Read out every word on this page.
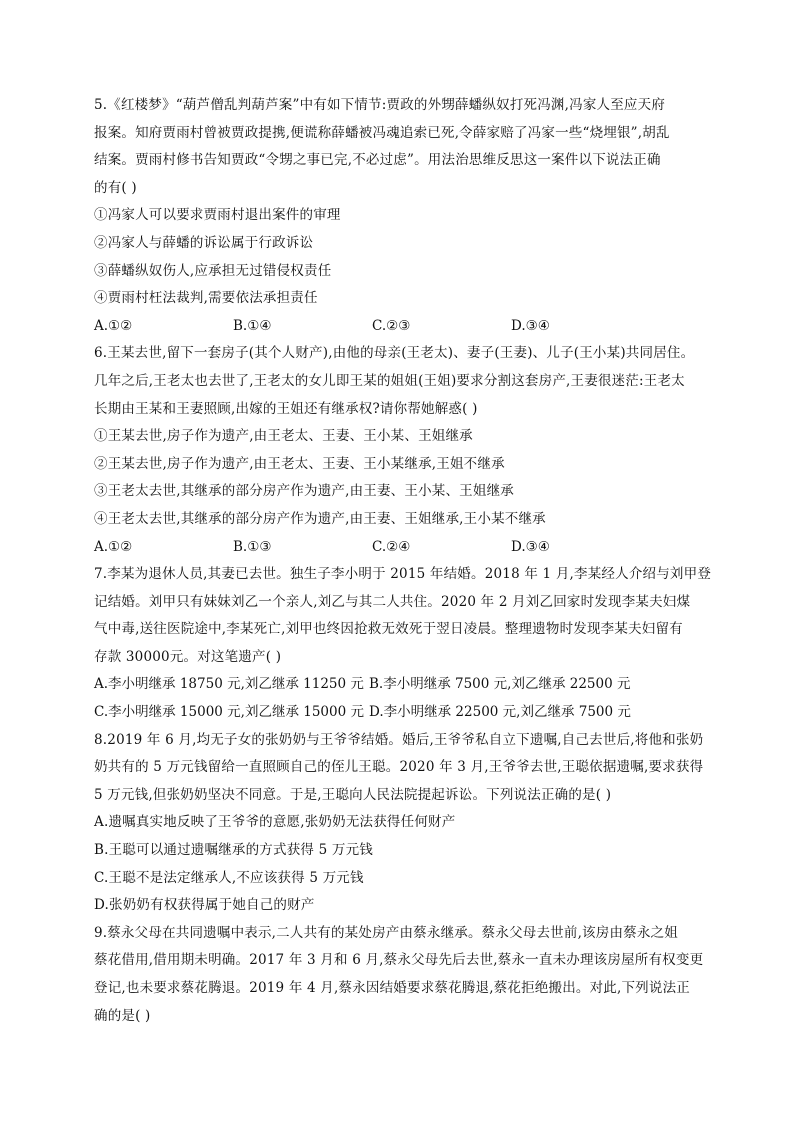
5.《红楼梦》“葫芦僧乱判葫芦案”中有如下情节:贾政的外甥薛蟠纵奴打死冯渊,冯家人至应天府
报案。知府贾雨村曾被贾政提携,便谎称薛蟠被冯魂追索已死,令薛家赔了冯家一些“烧埋银”,胡乱
结案。贾雨村修书告知贾政“令甥之事已完,不必过虑”。用法治思维反思这一案件以下说法正确
的有( )
①冯家人可以要求贾雨村退出案件的审理
②冯家人与薛蟠的诉讼属于行政诉讼
③薛蟠纵奴伤人,应承担无过错侵权责任
④贾雨村枉法裁判,需要依法承担责任
A.①②	B.①④	C.②③	D.③④
6.王某去世,留下一套房子(其个人财产),由他的母亲(王老太)、妻子(王妻)、儿子(王小某)共同居住。
几年之后,王老太也去世了,王老太的女儿即王某的姐姐(王姐)要求分割这套房产,王妻很迷茫:王老太
长期由王某和王妻照顾,出嫁的王姐还有继承权?请你帮她解惑( )
①王某去世,房子作为遗产,由王老太、王妻、王小某、王姐继承
②王某去世,房子作为遗产,由王老太、王妻、王小某继承,王姐不继承
③王老太去世,其继承的部分房产作为遗产,由王妻、王小某、王姐继承
④王老太去世,其继承的部分房产作为遗产,由王妻、王姐继承,王小某不继承
A.①②	B.①③	C.②④	D.③④
7.李某为退休人员,其妻已去世。独生子李小明于 2015 年结婚。2018 年 1 月,李某经人介绍与刘甲登
记结婚。刘甲只有妹妹刘乙一个亲人,刘乙与其二人共住。2020 年 2 月刘乙回家时发现李某夫妇煤
气中毒,送往医院途中,李某死亡,刘甲也终因抢救无效死于翌日凌晨。整理遗物时发现李某夫妇留有
存款 30000元。对这笔遗产( )
A.李小明继承 18750 元,刘乙继承 11250 元 B.李小明继承 7500 元,刘乙继承 22500 元
C.李小明继承 15000 元,刘乙继承 15000 元 D.李小明继承 22500 元,刘乙继承 7500 元
8.2019 年 6 月,均无子女的张奶奶与王爷爷结婚。婚后,王爷爷私自立下遗嘱,自己去世后,将他和张奶
奶共有的 5 万元钱留给一直照顾自己的侄儿王聪。2020 年 3 月,王爷爷去世,王聪依据遗嘱,要求获得
5 万元钱,但张奶奶坚决不同意。于是,王聪向人民法院提起诉讼。下列说法正确的是( )
A.遗嘱真实地反映了王爷爷的意愿,张奶奶无法获得任何财产
B.王聪可以通过遗嘱继承的方式获得 5 万元钱
C.王聪不是法定继承人,不应该获得 5 万元钱
D.张奶奶有权获得属于她自己的财产
9.蔡永父母在共同遗嘱中表示,二人共有的某处房产由蔡永继承。蔡永父母去世前,该房由蔡永之姐
蔡花借用,借用期未明确。2017 年 3 月和 6 月,蔡永父母先后去世,蔡永一直未办理该房屋所有权变更
登记,也未要求蔡花腾退。2019 年 4 月,蔡永因结婚要求蔡花腾退,蔡花拒绝搬出。对此,下列说法正
确的是( )
